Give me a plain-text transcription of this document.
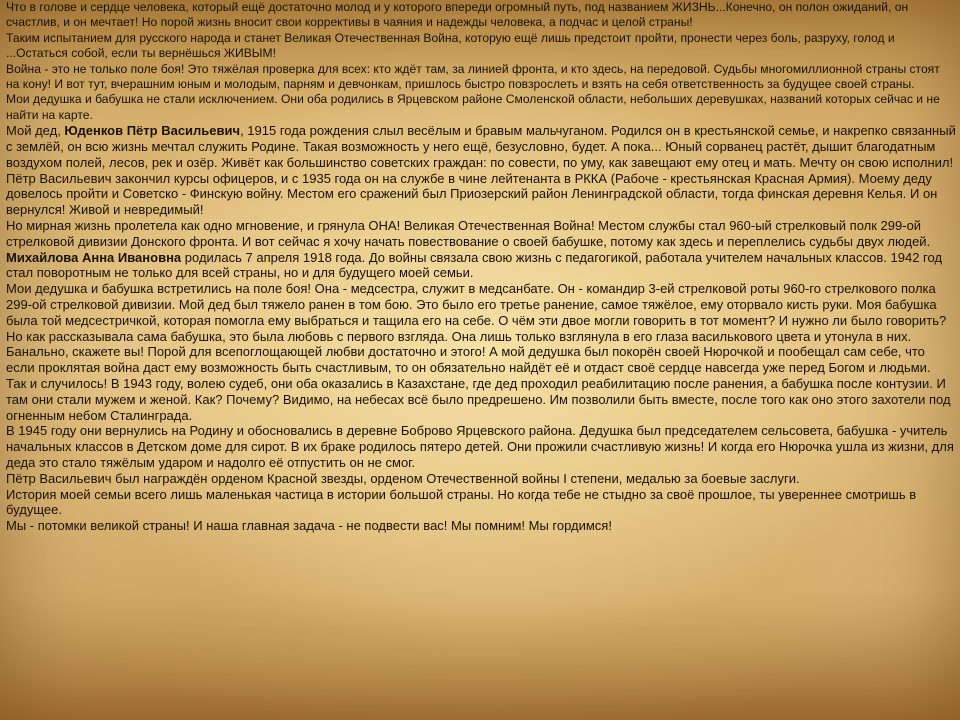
Что в голове и сердце человека, который ещё достаточно молод и у которого впереди огромный путь, под названием ЖИЗНЬ...Конечно, он полон ожиданий, он счастлив, и он мечтает! Но порой жизнь вносит свои коррективы в чаяния и надежды человека, а подчас и целой страны!

Таким испытанием для русского народа и станет Великая Отечественная Война, которую ещё лишь предстоит пройти, пронести через боль, разруху, голод и ...Остаться собой, если ты вернёшься ЖИВЫМ!

Война - это не только поле боя! Это тяжёлая проверка для всех: кто ждёт там, за линией фронта, и кто здесь, на передовой. Судьбы многомиллионной страны стоят на кону! И вот тут, вчерашним юным и молодым, парням и девчонкам, пришлось быстро повзрослеть и взять на себя ответственность за будущее своей страны.

Мои дедушка и бабушка не стали исключением. Они оба родились в Ярцевском районе Смоленской области, небольших деревушках, названий которых сейчас и не найти на карте.

Мой дед, Юденков Пётр Васильевич, 1915 года рождения слыл весёлым и бравым мальчуганом. Родился он в крестьянской семье, и накрепко связанный с землёй, он всю жизнь мечтал служить Родине. Такая возможность у него ещё, безусловно, будет. А пока... Юный сорванец растёт, дышит благодатным воздухом полей, лесов, рек и озёр. Живёт как большинство советских граждан: по совести, по уму, как завещают ему отец и мать. Мечту он свою исполнил! Пётр Васильевич закончил курсы офицеров, и с 1935 года он на службе в чине лейтенанта в РККА (Рабоче - крестьянская Красная Армия). Моему деду довелось пройти и Советско - Финскую войну. Местом его сражений был Приозерский район Ленинградской области, тогда финская деревня Келья. И он вернулся! Живой и невредимый!

Но мирная жизнь пролетела как одно мгновение, и грянула ОНА! Великая Отечественная Война! Местом службы стал 960-ый стрелковый полк 299-ой стрелковой дивизии Донского фронта. И вот сейчас я хочу начать повествование о своей бабушке, потому как здесь и переплелись судьбы двух людей.

Михайлова Анна Ивановна родилась 7 апреля 1918 года. До войны связала свою жизнь с педагогикой, работала учителем начальных классов. 1942 год стал поворотным не только для всей страны, но и для будущего моей семьи.

Мои дедушка и бабушка встретились на поле боя! Она - медсестра, служит в медсанбате. Он - командир 3-ей стрелковой роты 960-го стрелкового полка 299-ой стрелковой дивизии. Мой дед был тяжело ранен в том бою. Это было его третье ранение, самое тяжёлое, ему оторвало кисть руки. Моя бабушка была той медсестричкой, которая помогла ему выбраться и тащила его на себе. О чём эти двое могли говорить в тот момент? И нужно ли было говорить? Но как рассказывала сама бабушка, это была любовь с первого взгляда. Она лишь только взглянула в его глаза василькового цвета и утонула в них. Банально, скажете вы! Порой для всепоглощающей любви достаточно и этого! А мой дедушка был покорён своей Нюрочкой и пообещал сам себе, что если проклятая война даст ему возможность быть счастливым, то он обязательно найдёт её и отдаст своё сердце навсегда уже перед Богом и людьми.

Так и случилось! В 1943 году, волею судеб, они оба оказались в Казахстане, где дед проходил реабилитацию после ранения, а бабушка после контузии. И там они стали мужем и женой. Как? Почему? Видимо, на небесах всё было предрешено. Им позволили быть вместе, после того как оно этого захотели под огненным небом Сталинграда.

В 1945 году они вернулись на Родину и обосновались в деревне Боброво Ярцевского района. Дедушка был председателем сельсовета, бабушка - учитель начальных классов в Детском доме для сирот. В их браке родилось пятеро детей. Они прожили счастливую жизнь! И когда его Нюрочка ушла из жизни, для деда это стало тяжёлым ударом и надолго её отпустить он не смог.

Пётр Васильевич был награждён орденом Красной звезды, орденом Отечественной войны I степени, медалью за боевые заслуги.

История моей семьи всего лишь маленькая частица в истории большой страны. Но когда тебе не стыдно за своё прошлое, ты увереннее смотришь в будущее.

Мы - потомки великой страны! И наша главная задача - не подвести вас! Мы помним! Мы гордимся!
